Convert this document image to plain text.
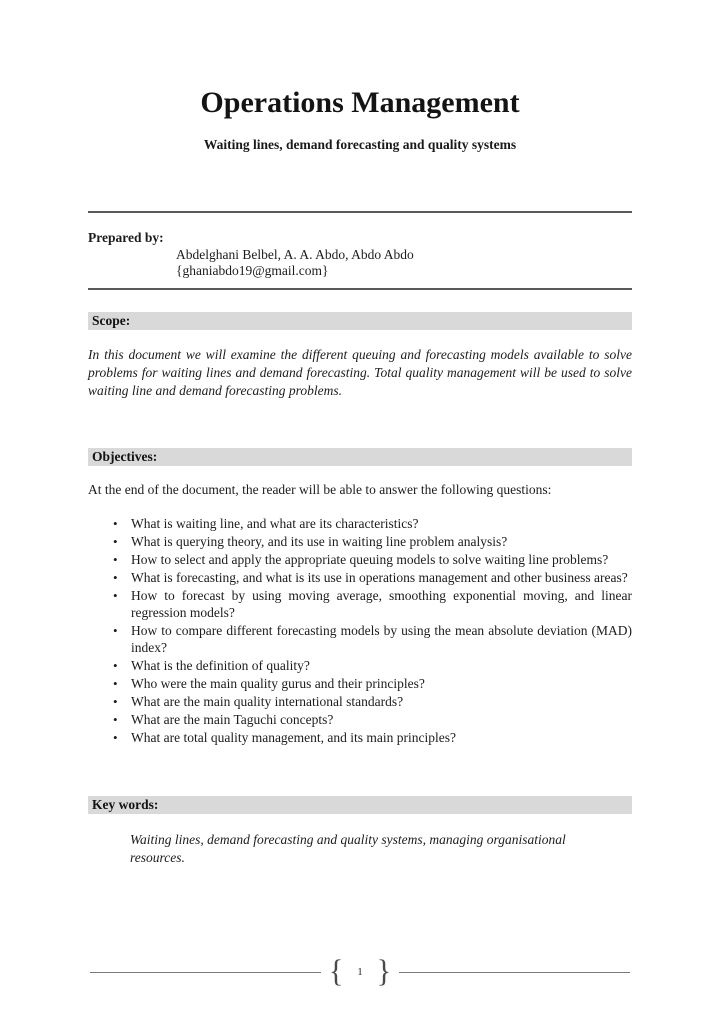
Operations Management
Waiting lines, demand forecasting and quality systems
Prepared by:
Abdelghani Belbel, A. A. Abdo, Abdo Abdo
{ghaniabdo19@gmail.com}
Scope:

In this document we will examine the different queuing and forecasting models available to solve problems for waiting lines and demand forecasting. Total quality management will be used to solve waiting line and demand forecasting problems.

Objectives:

At the end of the document, the reader will be able to answer the following questions:

• What is waiting line, and what are its characteristics?
• What is querying theory, and its use in waiting line problem analysis?
• How to select and apply the appropriate queuing models to solve waiting line problems?
• What is forecasting, and what is its use in operations management and other business areas?
• How to forecast by using moving average, smoothing exponential moving, and linear regression models?
• How to compare different forecasting models by using the mean absolute deviation (MAD) index?
• What is the definition of quality?
• Who were the main quality gurus and their principles?
• What are the main quality international standards?
• What are the main Taguchi concepts?
• What are total quality management, and its main principles?
Key words:

Waiting lines, demand forecasting and quality systems, managing organisational resources.

{	1 }
